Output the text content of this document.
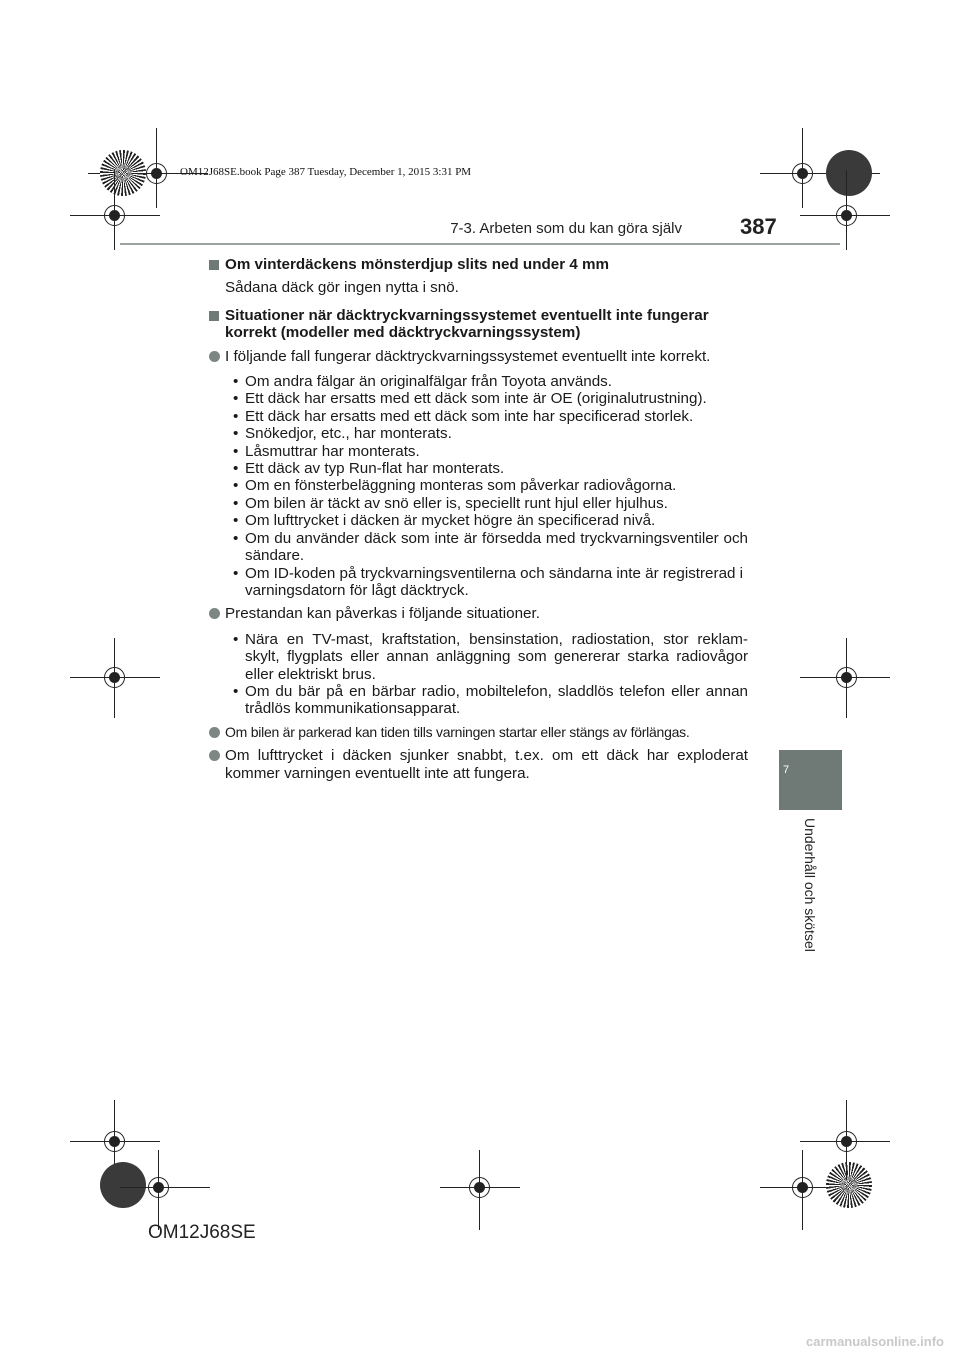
OM12J68SE.book Page 387 Tuesday, December 1, 2015 3:31 PM
7-3. Arbeten som du kan göra själv	387
7
Underhåll och skötsel
Om vinterdäckens mönsterdjup slits ned under 4 mm
Sådana däck gör ingen nytta i snö.
Situationer när däcktryckvarningssystemet eventuellt inte fungerar korrekt (modeller med däcktryckvarningssystem)
I följande fall fungerar däcktryckvarningssystemet eventuellt inte korrekt.
• Om andra fälgar än originalfälgar från Toyota används.
• Ett däck har ersatts med ett däck som inte är OE (originalutrustning).
• Ett däck har ersatts med ett däck som inte har specificerad storlek.
• Snökedjor, etc., har monterats.
• Låsmuttrar har monterats.
• Ett däck av typ Run-flat har monterats.
• Om en fönsterbeläggning monteras som påverkar radiovågorna.
• Om bilen är täckt av snö eller is, speciellt runt hjul eller hjulhus.
• Om lufttrycket i däcken är mycket högre än specificerad nivå.
• Om du använder däck som inte är försedda med tryckvarningsventiler och sändare.
• Om ID-koden på tryckvarningsventilerna och sändarna inte är registrerad i varningsdatorn för lågt däcktryck.
Prestandan kan påverkas i följande situationer.
• Nära en TV-mast, kraftstation, bensinstation, radiostation, stor reklam-skylt, flygplats eller annan anläggning som genererar starka radiovågor eller elektriskt brus.
• Om du bär på en bärbar radio, mobiltelefon, sladdlös telefon eller annan trådlös kommunikationsapparat.
Om bilen är parkerad kan tiden tills varningen startar eller stängs av förlängas.
Om lufttrycket i däcken sjunker snabbt, t.ex. om ett däck har exploderat kommer varningen eventuellt inte att fungera.
OM12J68SE
carmanualsonline.info
